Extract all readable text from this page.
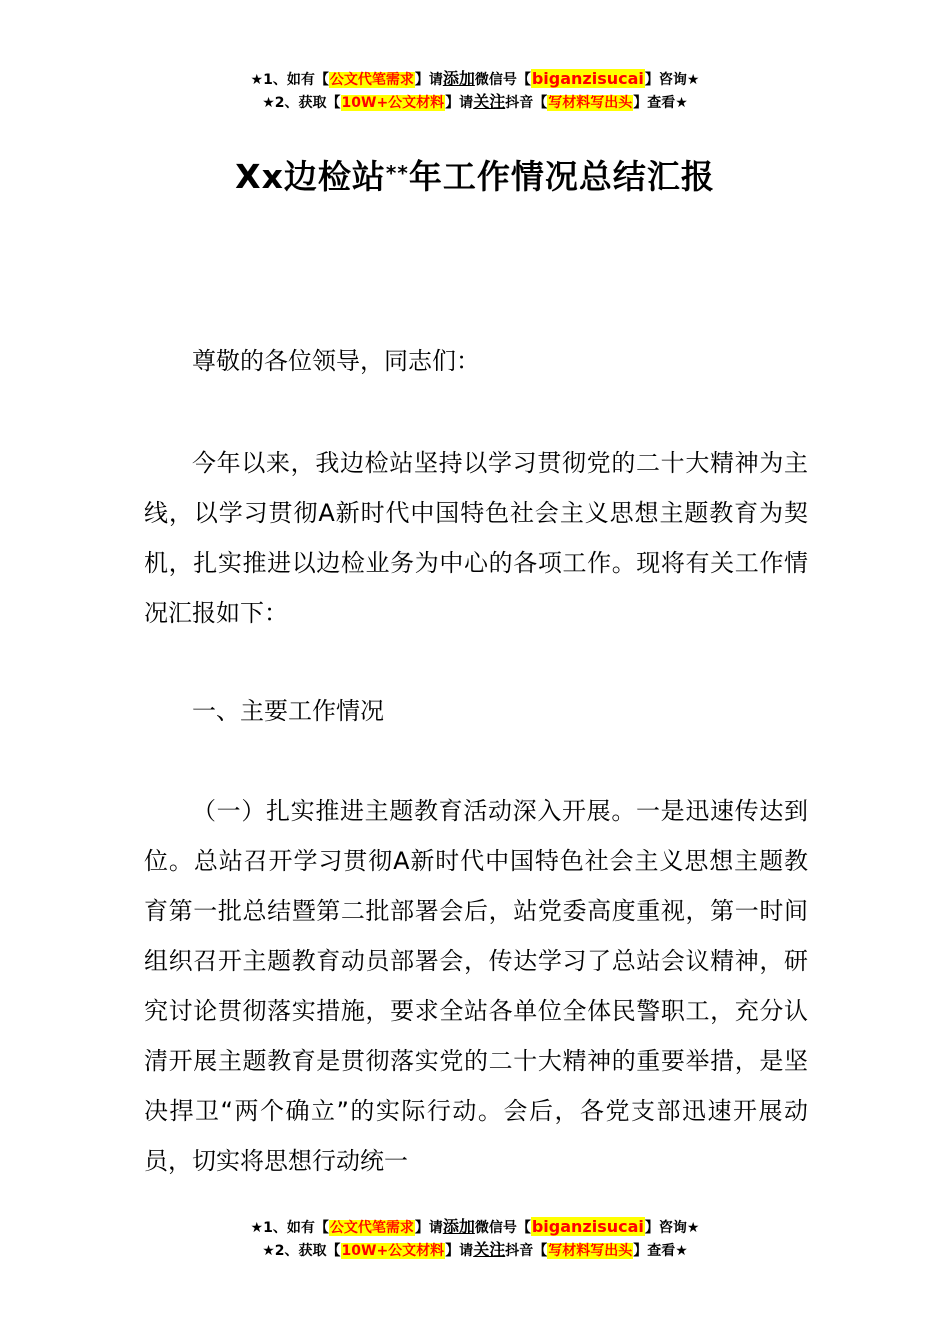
★1、如有【公文代笔需求】请添加微信号【biganzisucai】咨询★
★2、获取【10W+公文材料】请关注抖音【写材料写出头】查看★
Xx边检站**年工作情况总结汇报

尊敬的各位领导，同志们：

今年以来，我边检站坚持以学习贯彻党的二十大精神为主线，以学习贯彻A新时代中国特色社会主义思想主题教育为契机，扎实推进以边检业务为中心的各项工作。现将有关工作情况汇报如下：

一、主要工作情况

（一）扎实推进主题教育活动深入开展。一是迅速传达到位。总站召开学习贯彻A新时代中国特色社会主义思想主题教育第一批总结暨第二批部署会后，站党委高度重视，第一时间组织召开主题教育动员部署会，传达学习了总站会议精神，研究讨论贯彻落实措施，要求全站各单位全体民警职工，充分认清开展主题教育是贯彻落实党的二十大精神的重要举措，是坚决捍卫“两个确立”的实际行动。会后，各党支部迅速开展动员，切实将思想行动统一

★1、如有【公文代笔需求】请添加微信号【biganzisucai】咨询★
★2、获取【10W+公文材料】请关注抖音【写材料写出头】查看★
